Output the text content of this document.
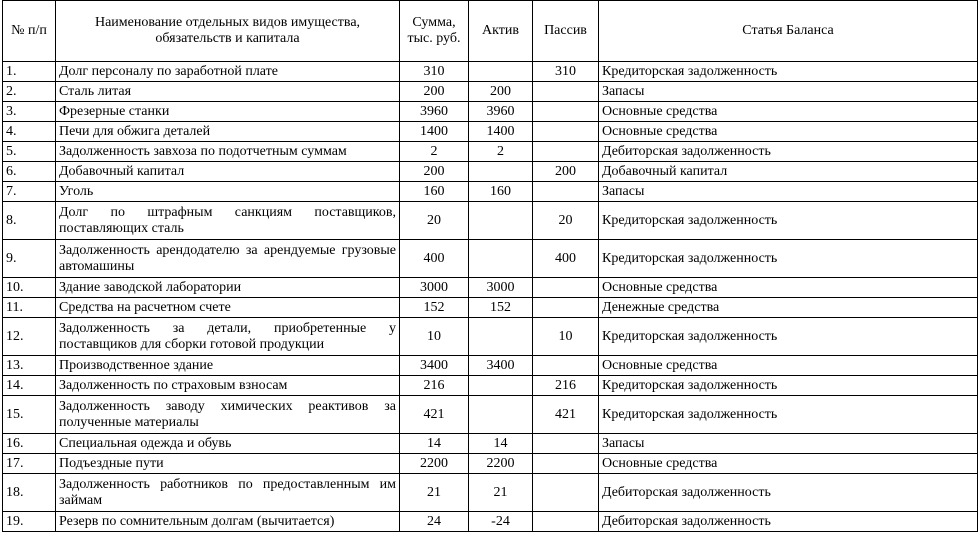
№ п/п	Наименование отдельных видов имущества, обязательств и капитала	Сумма, тыс. руб.	Актив	Пассив	Статья Баланса
1.	Долг персоналу по заработной плате	310		310	Кредиторская задолженность
2.	Сталь литая	200	200		Запасы
3.	Фрезерные станки	3960	3960		Основные средства
4.	Печи для обжига деталей	1400	1400		Основные средства
5.	Задолженность завхоза по подотчетным суммам	2	2		Дебиторская задолженность
6.	Добавочный капитал	200		200	Добавочный капитал
7.	Уголь	160	160		Запасы
8.	Долг по штрафным санкциям поставщиков, поставляющих сталь	20		20	Кредиторская задолженность
9.	Задолженность арендодателю за арендуемые грузовые автомашины	400		400	Кредиторская задолженность
10.	Здание заводской лаборатории	3000	3000		Основные средства
11.	Средства на расчетном счете	152	152		Денежные средства
12.	Задолженность за детали, приобретенные у поставщиков для сборки готовой продукции	10		10	Кредиторская задолженность
13.	Производственное здание	3400	3400		Основные средства
14.	Задолженность по страховым взносам	216		216	Кредиторская задолженность
15.	Задолженность заводу химических реактивов за полученные материалы	421		421	Кредиторская задолженность
16.	Специальная одежда и обувь	14	14		Запасы
17.	Подъездные пути	2200	2200		Основные средства
18.	Задолженность работников по предоставленным им займам	21	21		Дебиторская задолженность
19.	Резерв по сомнительным долгам (вычитается)	24	-24		Дебиторская задолженность
